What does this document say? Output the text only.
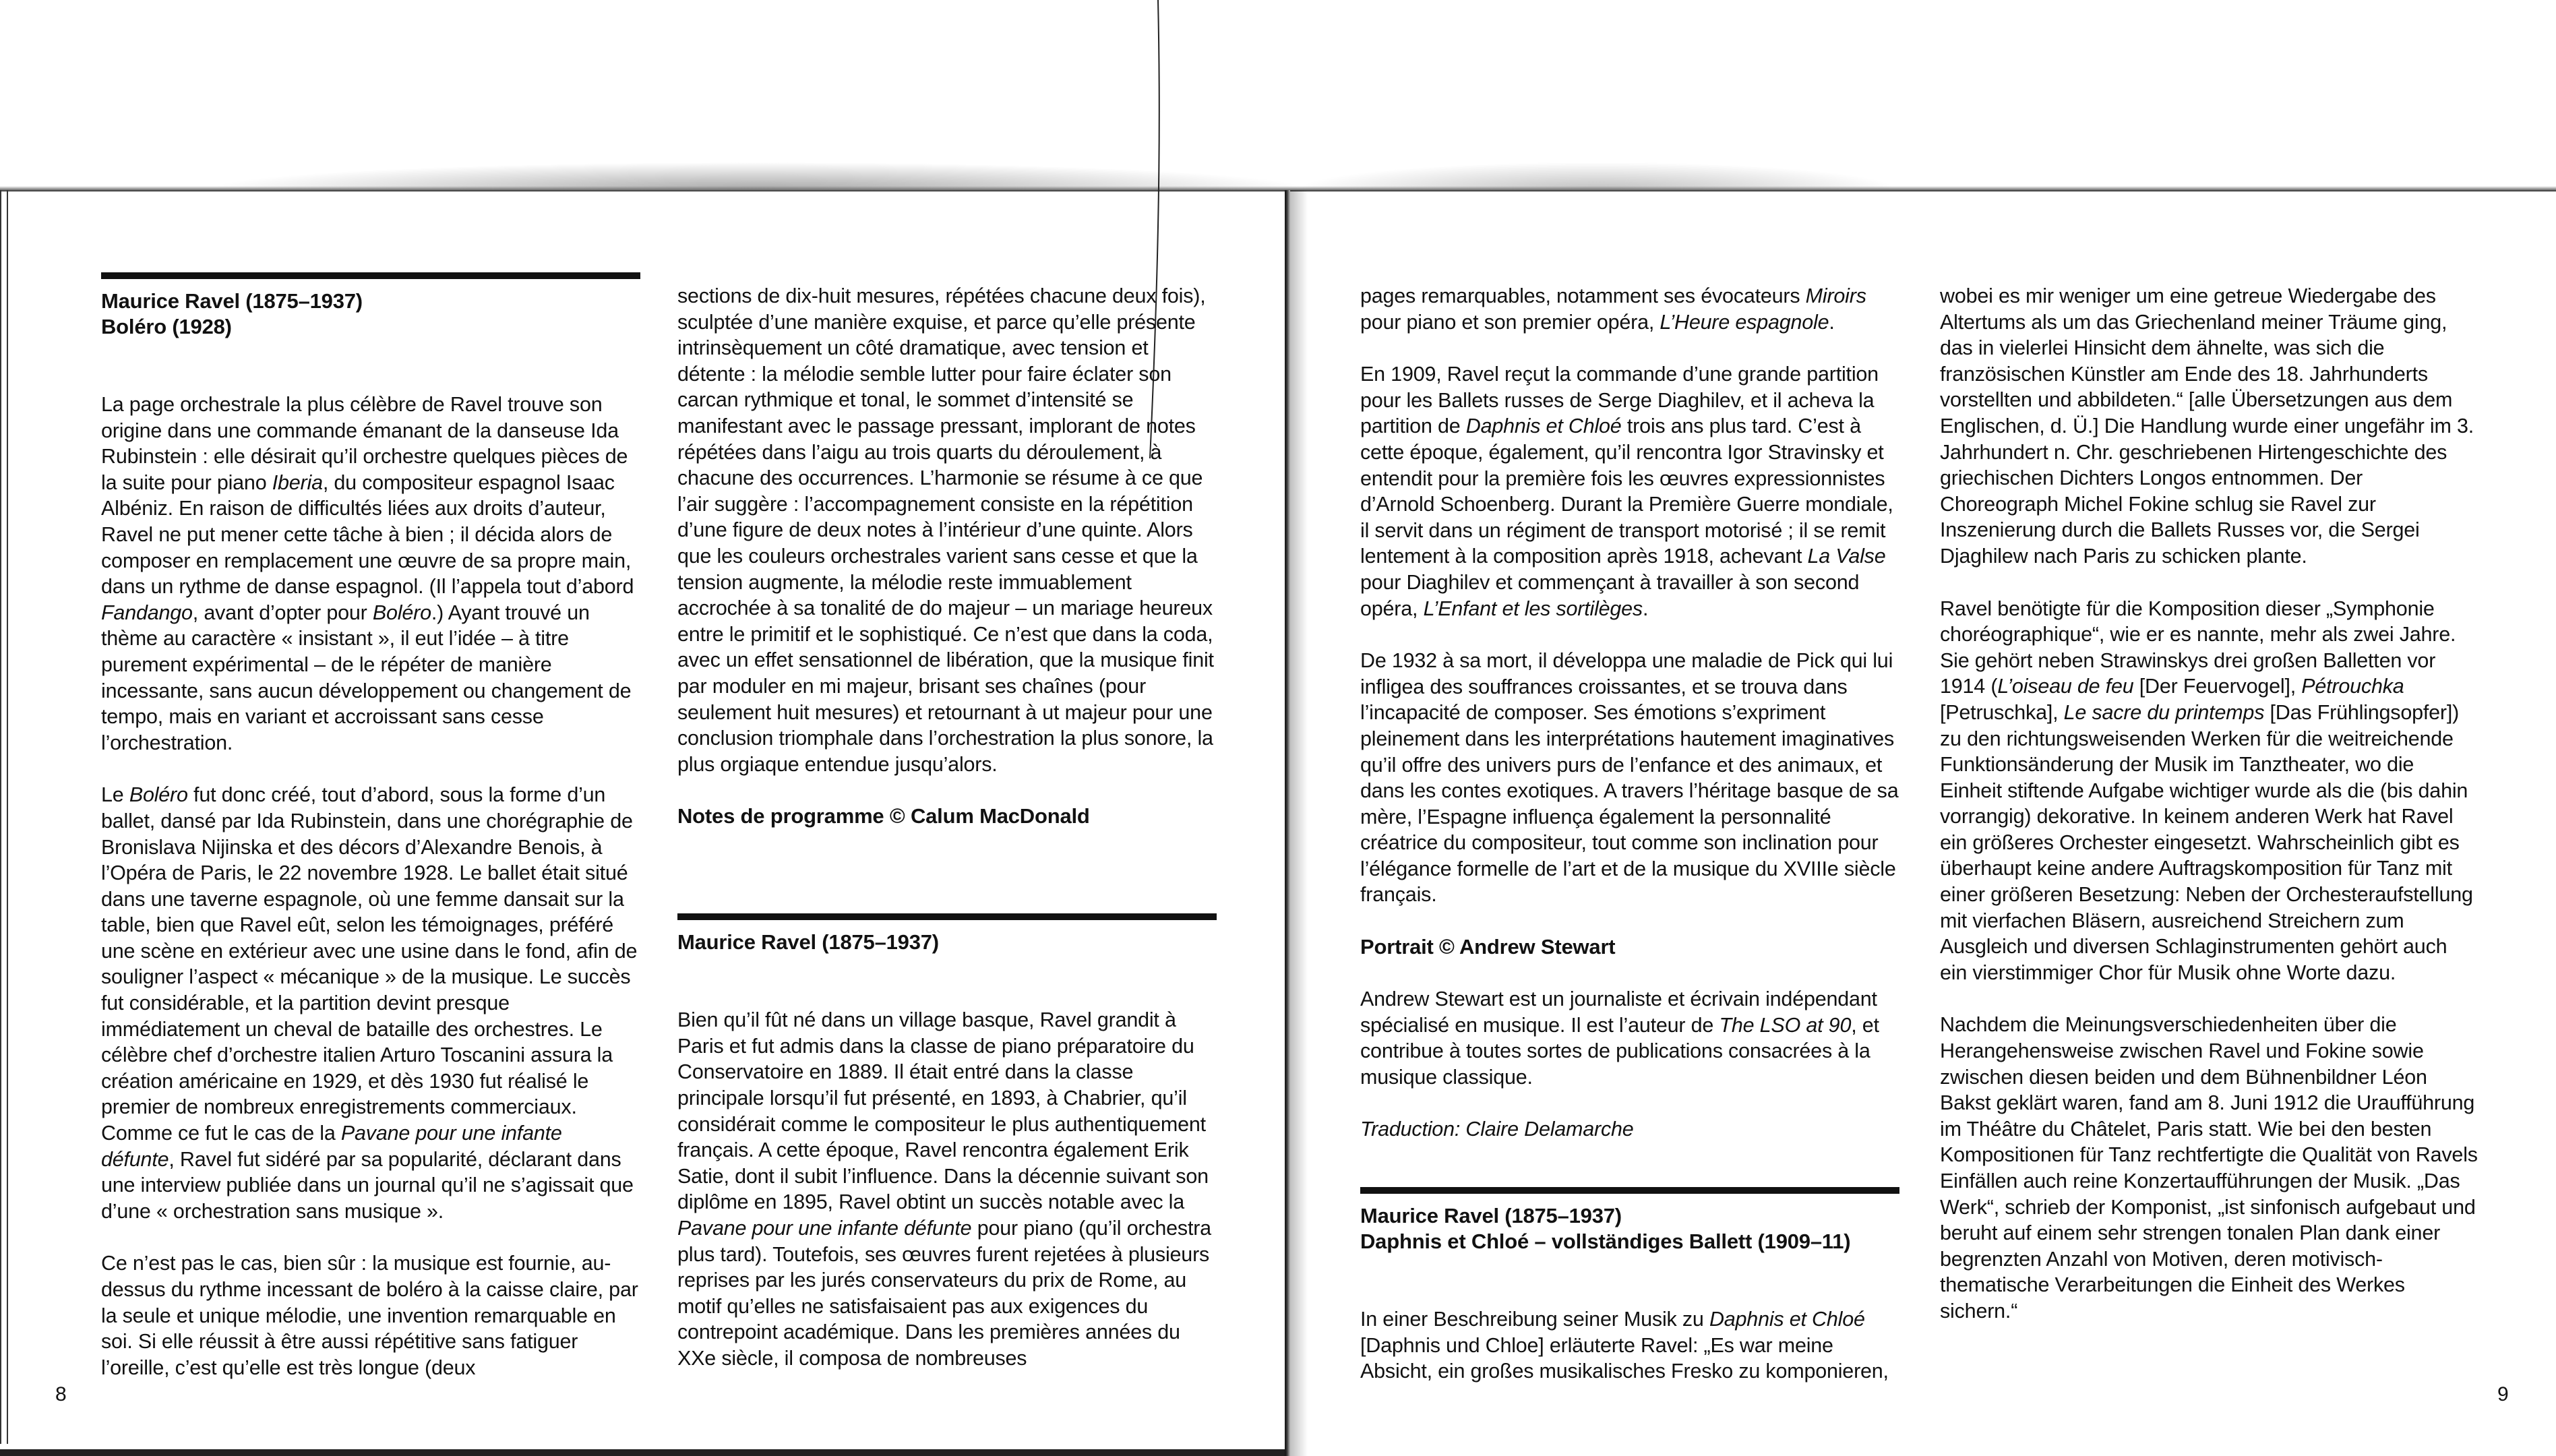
Maurice Ravel (1875–1937)
Boléro (1928)

La page orchestrale la plus célèbre de Ravel trouve son origine dans une commande émanant de la danseuse Ida Rubinstein : elle désirait qu’il orchestre quelques pièces de la suite pour piano Iberia, du compositeur espagnol Isaac Albéniz. En raison de difficultés liées aux droits d’auteur, Ravel ne put mener cette tâche à bien ; il décida alors de composer en remplacement une œuvre de sa propre main, dans un rythme de danse espagnol. (Il l’appela tout d’abord Fandango, avant d’opter pour Boléro.) Ayant trouvé un thème au caractère « insistant », il eut l’idée – à titre purement expérimental – de le répéter de manière incessante, sans aucun développement ou changement de tempo, mais en variant et accroissant sans cesse l’orchestration.

Le Boléro fut donc créé, tout d’abord, sous la forme d’un ballet, dansé par Ida Rubinstein, dans une chorégraphie de Bronislava Nijinska et des décors d’Alexandre Benois, à l’Opéra de Paris, le 22 novembre 1928. Le ballet était situé dans une taverne espagnole, où une femme dansait sur la table, bien que Ravel eût, selon les témoignages, préféré une scène en extérieur avec une usine dans le fond, afin de souligner l’aspect « mécanique » de la musique. Le succès fut considérable, et la partition devint presque immédiatement un cheval de bataille des orchestres. Le célèbre chef d’orchestre italien Arturo Toscanini assura la création américaine en 1929, et dès 1930 fut réalisé le premier de nombreux enregistrements commerciaux. Comme ce fut le cas de la Pavane pour une infante défunte, Ravel fut sidéré par sa popularité, déclarant dans une interview publiée dans un journal qu’il ne s’agissait que d’une « orchestration sans musique ».

Ce n’est pas le cas, bien sûr : la musique est fournie, au-dessus du rythme incessant de boléro à la caisse claire, par la seule et unique mélodie, une invention remarquable en soi. Si elle réussit à être aussi répétitive sans fatiguer l’oreille, c’est qu’elle est très longue (deux

sections de dix-huit mesures, répétées chacune deux fois), sculptée d’une manière exquise, et parce qu’elle présente intrinsèquement un côté dramatique, avec tension et détente : la mélodie semble lutter pour faire éclater son carcan rythmique et tonal, le sommet d’intensité se manifestant avec le passage pressant, implorant de notes répétées dans l’aigu au trois quarts du déroulement, à chacune des occurrences. L’harmonie se résume à ce que l’air suggère : l’accompagnement consiste en la répétition d’une figure de deux notes à l’intérieur d’une quinte. Alors que les couleurs orchestrales varient sans cesse et que la tension augmente, la mélodie reste immuablement accrochée à sa tonalité de do majeur – un mariage heureux entre le primitif et le sophistiqué. Ce n’est que dans la coda, avec un effet sensationnel de libération, que la musique finit par moduler en mi majeur, brisant ses chaînes (pour seulement huit mesures) et retournant à ut majeur pour une conclusion triomphale dans l’orchestration la plus sonore, la plus orgiaque entendue jusqu’alors.

Notes de programme © Calum MacDonald

Maurice Ravel (1875–1937)

Bien qu’il fût né dans un village basque, Ravel grandit à Paris et fut admis dans la classe de piano préparatoire du Conservatoire en 1889. Il était entré dans la classe principale lorsqu’il fut présenté, en 1893, à Chabrier, qu’il considérait comme le compositeur le plus authentiquement français. A cette époque, Ravel rencontra également Erik Satie, dont il subit l’influence. Dans la décennie suivant son diplôme en 1895, Ravel obtint un succès notable avec la Pavane pour une infante défunte pour piano (qu’il orchestra plus tard). Toutefois, ses œuvres furent rejetées à plusieurs reprises par les jurés conservateurs du prix de Rome, au motif qu’elles ne satisfaisaient pas aux exigences du contrepoint académique. Dans les premières années du XXe siècle, il composa de nombreuses

pages remarquables, notamment ses évocateurs Miroirs pour piano et son premier opéra, L’Heure espagnole.

En 1909, Ravel reçut la commande d’une grande partition pour les Ballets russes de Serge Diaghilev, et il acheva la partition de Daphnis et Chloé trois ans plus tard. C’est à cette époque, également, qu’il rencontra Igor Stravinsky et entendit pour la première fois les œuvres expressionnistes d’Arnold Schoenberg. Durant la Première Guerre mondiale, il servit dans un régiment de transport motorisé ; il se remit lentement à la composition après 1918, achevant La Valse pour Diaghilev et commençant à travailler à son second opéra, L’Enfant et les sortilèges.

De 1932 à sa mort, il développa une maladie de Pick qui lui infligea des souffrances croissantes, et se trouva dans l’incapacité de composer. Ses émotions s’expriment pleinement dans les interprétations hautement imaginatives qu’il offre des univers purs de l’enfance et des animaux, et dans les contes exotiques. A travers l’héritage basque de sa mère, l’Espagne influença également la personnalité créatrice du compositeur, tout comme son inclination pour l’élégance formelle de l’art et de la musique du XVIIIe siècle français.

Portrait © Andrew Stewart

Andrew Stewart est un journaliste et écrivain indépendant spécialisé en musique. Il est l’auteur de The LSO at 90, et contribue à toutes sortes de publications consacrées à la musique classique.

Traduction: Claire Delamarche

Maurice Ravel (1875–1937)
Daphnis et Chloé – vollständiges Ballett (1909–11)

In einer Beschreibung seiner Musik zu Daphnis et Chloé [Daphnis und Chloe] erläuterte Ravel: „Es war meine Absicht, ein großes musikalisches Fresko zu komponieren,

wobei es mir weniger um eine getreue Wiedergabe des Altertums als um das Griechenland meiner Träume ging, das in vielerlei Hinsicht dem ähnelte, was sich die französischen Künstler am Ende des 18. Jahrhunderts vorstellten und abbildeten.“ [alle Übersetzungen aus dem Englischen, d. Ü.] Die Handlung wurde einer ungefähr im 3. Jahrhundert n. Chr. geschriebenen Hirtengeschichte des griechischen Dichters Longos entnommen. Der Choreograph Michel Fokine schlug sie Ravel zur Inszenierung durch die Ballets Russes vor, die Sergei Djaghilew nach Paris zu schicken plante.

Ravel benötigte für die Komposition dieser „Symphonie choréographique“, wie er es nannte, mehr als zwei Jahre. Sie gehört neben Strawinskys drei großen Balletten vor 1914 (L’oiseau de feu [Der Feuervogel], Pétrouchka [Petruschka], Le sacre du printemps [Das Frühlingsopfer]) zu den richtungsweisenden Werken für die weitreichende Funktionsänderung der Musik im Tanztheater, wo die Einheit stiftende Aufgabe wichtiger wurde als die (bis dahin vorrangig) dekorative. In keinem anderen Werk hat Ravel ein größeres Orchester eingesetzt. Wahrscheinlich gibt es überhaupt keine andere Auftragskomposition für Tanz mit einer größeren Besetzung: Neben der Orchesteraufstellung mit vierfachen Bläsern, ausreichend Streichern zum Ausgleich und diversen Schlaginstrumenten gehört auch ein vierstimmiger Chor für Musik ohne Worte dazu.

Nachdem die Meinungsverschiedenheiten über die Herangehensweise zwischen Ravel und Fokine sowie zwischen diesen beiden und dem Bühnenbildner Léon Bakst geklärt waren, fand am 8. Juni 1912 die Uraufführung im Théâtre du Châtelet, Paris statt. Wie bei den besten Kompositionen für Tanz rechtfertigte die Qualität von Ravels Einfällen auch reine Konzertaufführungen der Musik. „Das Werk“, schrieb der Komponist, „ist sinfonisch aufgebaut und beruht auf einem sehr strengen tonalen Plan dank einer begrenzten Anzahl von Motiven, deren motivisch-thematische Verarbeitungen die Einheit des Werkes sichern.“

8	9
